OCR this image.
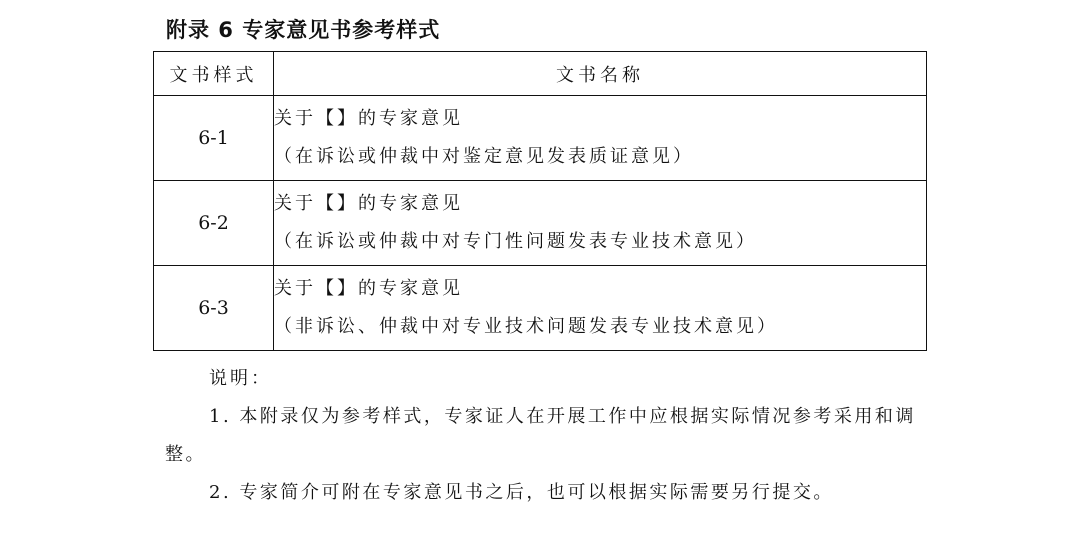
附录 6 专家意见书参考样式
文书样式	文书名称
6-1	关于【】的专家意见
（在诉讼或仲裁中对鉴定意见发表质证意见）

6-2	关于【】的专家意见
（在诉讼或仲裁中对专门性问题发表专业技术意见）

6-3	关于【】的专家意见
（非诉讼、仲裁中对专业技术问题发表专业技术意见）
说明：
1. 本附录仅为参考样式，专家证人在开展工作中应根据实际情况参考采用和调整。
2. 专家简介可附在专家意见书之后，也可以根据实际需要另行提交。
